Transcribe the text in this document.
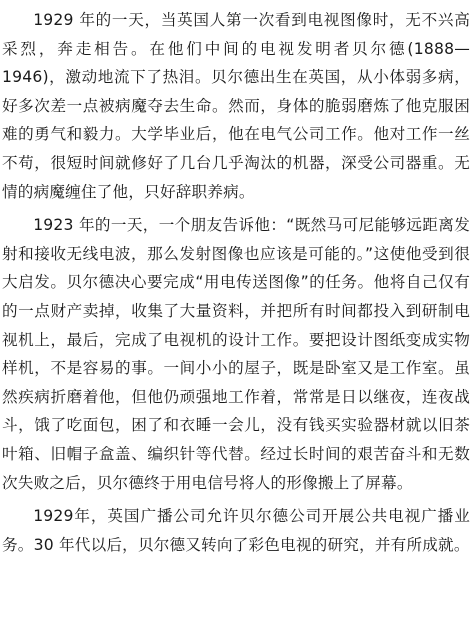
1929 年的一天，当英国人第一次看到电视图像时，无不兴高采烈，奔走相告。在他们中间的电视发明者贝尔德(1888—1946)，激动地流下了热泪。贝尔德出生在英国，从小体弱多病，好多次差一点被病魔夺去生命。然而，身体的脆弱磨炼了他克服困难的勇气和毅力。大学毕业后，他在电气公司工作。他对工作一丝不苟，很短时间就修好了几台几乎淘汰的机器，深受公司器重。无情的病魔缠住了他，只好辞职养病。

1923 年的一天，一个朋友告诉他：“既然马可尼能够远距离发射和接收无线电波，那么发射图像也应该是可能的。”这使他受到很大启发。贝尔德决心要完成“用电传送图像”的任务。他将自己仅有的一点财产卖掉，收集了大量资料，并把所有时间都投入到研制电视机上，最后，完成了电视机的设计工作。要把设计图纸变成实物样机，不是容易的事。一间小小的屋子，既是卧室又是工作室。虽然疾病折磨着他，但他仍顽强地工作着，常常是日以继夜，连夜战斗，饿了吃面包，困了和衣睡一会儿，没有钱买实验器材就以旧茶叶箱、旧帽子盒盖、编织针等代替。经过长时间的艰苦奋斗和无数次失败之后，贝尔德终于用电信号将人的形像搬上了屏幕。

1929年，英国广播公司允许贝尔德公司开展公共电视广播业务。30 年代以后，贝尔德又转向了彩色电视的研究，并有所成就。
